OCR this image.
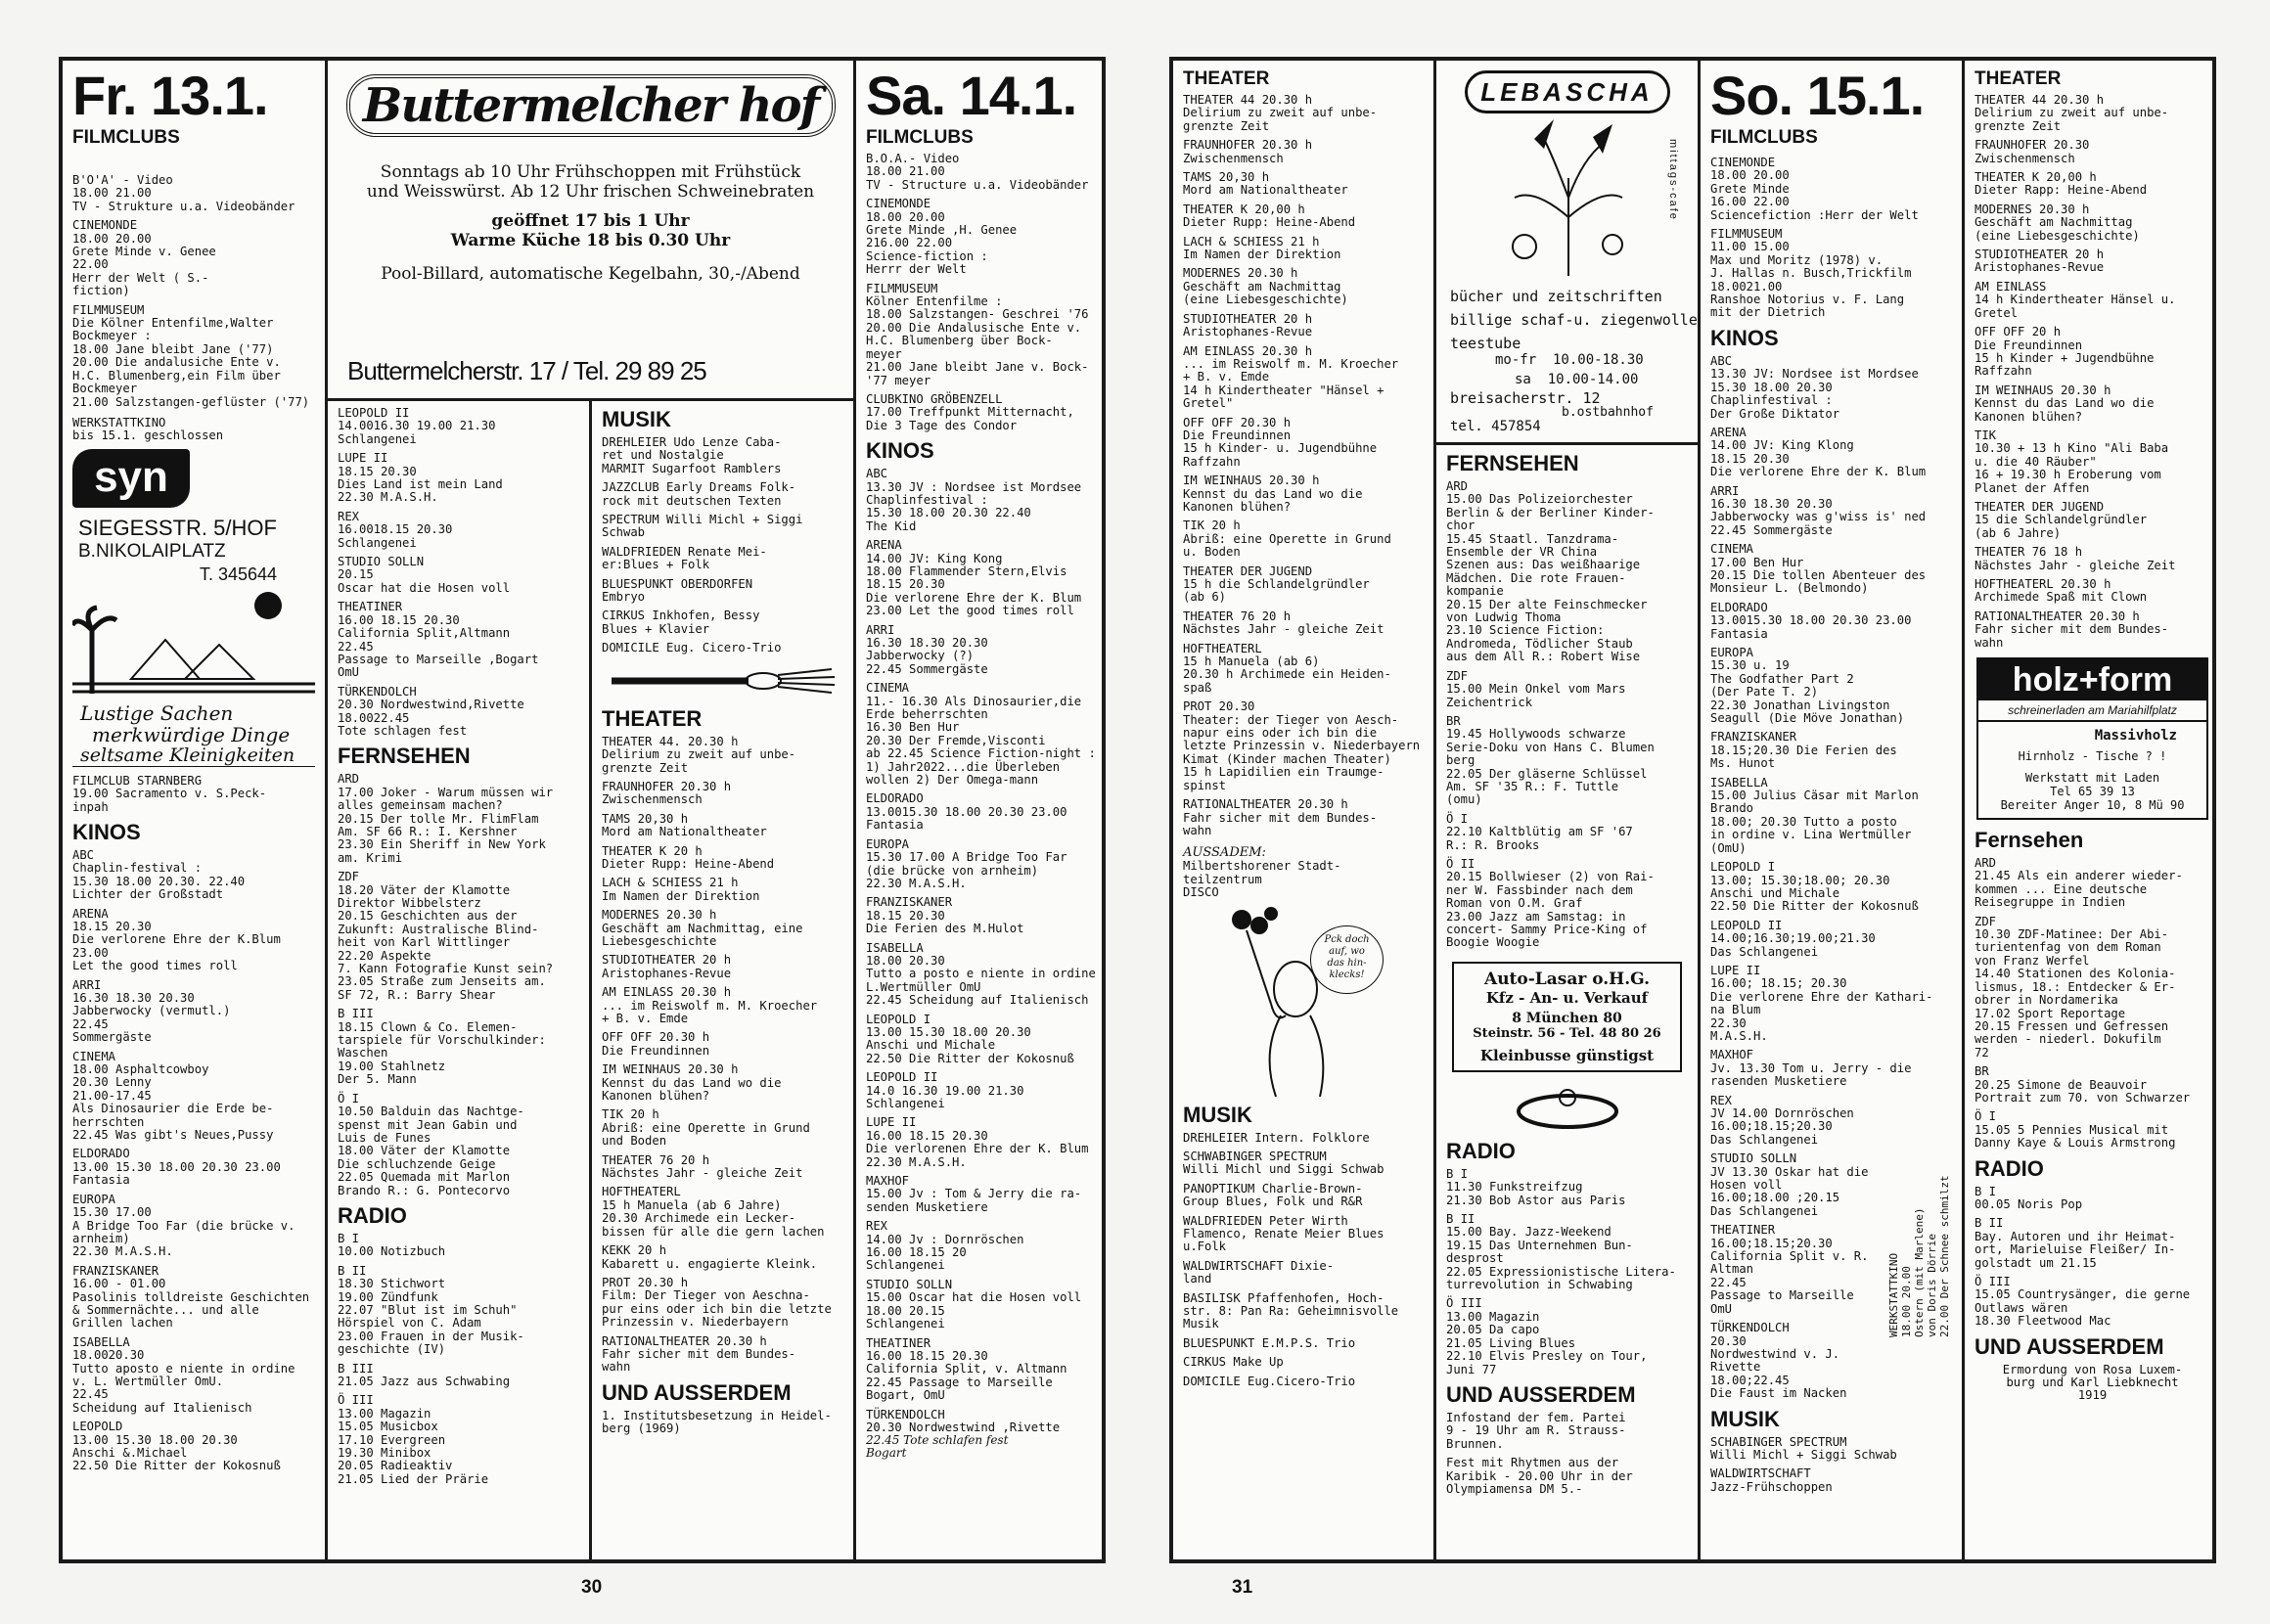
Fr. 13.1.
FILMCLUBS
B'O'A' - Video
18.00 21.00
TV - Strukture u.a. Videobänder
CINEMONDE
18.00 20.00
Grete Minde v. Genee
22.00
Herr der Welt ( S.-fiction)
FILMMUSEUM
Die Kölner Entenfilme,Walter
Bockmeyer :
18.00 Jane bleibt Jane ('77)
20.00 Die andalusiche Ente v.
H.C. Blumenberg,ein Film über
Bockmeyer
21.00 Salzstangen-geflüster ('77)
WERKSTATTKINO
bis 15.1. geschlossen
syn
SIEGESSTR. 5/HOF
B.NIKOLAIPLATZ
T. 345644
Lustige Sachen
merkwürdige Dinge
seltsame Kleinigkeiten
FILMCLUB STARNBERG
19.00 Sacramento v. S.Peck-
inpah
KINOS
ABC
Chaplin-festival :
15.30 18.00 20.30. 22.40
Lichter der Großstadt
ARENA
18.15 20.30
Die verlorene Ehre der K.Blum
23.00
Let the good times roll
ARRI
16.30 18.30 20.30
Jabberwocky (vermutl.)
22.45
Sommergäste
CINEMA
18.00 Asphaltcowboy
20.30 Lenny
21.00-17.45
Als Dinosaurier die Erde be-
herrschten
22.45 Was gibt's Neues,Pussy
ELDORADO
13.00 15.30 18.00 20.30 23.00
Fantasia
EUROPA
15.30 17.00
A Bridge Too Far (die brücke v.
arnheim)
22.30 M.A.S.H.
FRANZISKANER
16.00 - 01.00
Pasolinis tolldreiste Geschichten
& Sommernächte... und alle
Grillen lachen
ISABELLA
18.0020.30
Tutto aposto e niente in ordine
v. L. Wertmüller OmU.
22.45
Scheidung auf Italienisch
LEOPOLD
13.00 15.30 18.00 20.30
Anschi &.Michael
22.50 Die Ritter der Kokosnuß
Buttermelcher hof
Sonntags ab 10 Uhr Frühschoppen mit Frühstück
und Weisswürst. Ab 12 Uhr frischen Schweinebraten
geöffnet 17 bis 1 Uhr
Warme Küche 18 bis 0.30 Uhr
Pool-Billard, automatische Kegelbahn, 30,-/Abend
Buttermelcherstr. 17 / Tel. 29 89 25
LEOPOLD II
14.0016.30 19.00 21.30
Schlangenei
LUPE II
18.15 20.30
Dies Land ist mein Land
22.30 M.A.S.H.
REX
16.0018.15 20.30
Schlangenei
STUDIO SOLLN
20.15
Oscar hat die Hosen voll
THEATINER
16.00 18.15 20.30
California Split,Altmann
22.45
Passage to Marseille ,Bogart
OmU
TÜRKENDOLCH
20.30 Nordwestwind,Rivette
18.0022.45
Tote schlagen fest
FERNSEHEN
ARD
17.00 Joker - Warum müssen wir
alles gemeinsam machen?
20.15 Der tolle Mr. FlimFlam
Am. SF 66 R.: I. Kershner
23.30 Ein Sheriff in New York
am. Krimi
ZDF
18.20 Väter der Klamotte
Direktor Wibbelsterz
20.15 Geschichten aus der
Zukunft: Australische Blind-
heit von Karl Wittlinger
22.20 Aspekte
7. Kann Fotografie Kunst sein?
23.05 Straße zum Jenseits am.
SF 72, R.: Barry Shear
B III
18.15 Clown & Co. Elemen-
tarspiele für Vorschulkinder:
Waschen
19.00 Stahlnetz
Der 5. Mann
Ö I
10.50 Balduin das Nachtge-
spenst mit Jean Gabin und
Luis de Funes
18.00 Väter der Klamotte
Die schluchzende Geige
22.05 Quemada mit Marlon
Brando R.: G. Pontecorvo
RADIO
B I
10.00 Notizbuch
B II
18.30 Stichwort
19.00 Zündfunk
22.07 "Blut ist im Schuh"
Hörspiel von C. Adam
23.00 Frauen in der Musik-
geschichte (IV)
B III
21.05 Jazz aus Schwabing
Ö III
13.00 Magazin
15.05 Musicbox
17.10 Evergreen
19.30 Minibox
20.05 Radieaktiv
21.05 Lied der Prärie
MUSIK
DREHLEIER Udo Lenze Caba-
ret und Nostalgie
MARMIT Sugarfoot Ramblers
JAZZCLUB Early Dreams Folk-
rock mit deutschen Texten
SPECTRUM Willi Michl + Siggi
Schwab
WALDFRIEDEN Renate Mei-
er:Blues + Folk
BLUESPUNKT OBERDORFEN
Embryo
CIRKUS Inkhofen, Bessy
Blues + Klavier
DOMICILE Eug. Cicero-Trio
THEATER
THEATER 44. 20.30 h
Delirium zu zweit auf unbe-
grenzte Zeit
FRAUNHOFER 20.30 h
Zwischenmensch
TAMS 20,30 h
Mord am Nationaltheater
THEATER K 20 h
Dieter Rupp: Heine-Abend
LACH & SCHIESS 21 h
Im Namen der Direktion
MODERNES 20.30 h
Geschäft am Nachmittag, eine
Liebesgeschichte
STUDIOTHEATER 20 h
Aristophanes-Revue
AM EINLASS 20.30 h
... im Reiswolf m. M. Kroecher
+ B. v. Emde
OFF OFF 20.30 h
Die Freundinnen
IM WEINHAUS 20.30 h
Kennst du das Land wo die
Kanonen blühen?
TIK 20 h
Abriß: eine Operette in Grund
und Boden
THEATER 76 20 h
Nächstes Jahr - gleiche Zeit
HOFTHEATERL
15 h Manuela (ab 6 Jahre)
20.30 Archimede ein Lecker-
bissen für alle die gern lachen
KEKK 20 h
Kabarett u. engagierte Kleink.
PROT 20.30 h
Film: Der Tieger von Aeschna-
pur eins oder ich bin die letzte
Prinzessin v. Niederbayern
RATIONALTHEATER 20.30 h
Fahr sicher mit dem Bundes-
wahn
UND AUSSERDEM
1. Institutsbesetzung in Heidel-
berg (1969)
Sa. 14.1.
FILMCLUBS
B.O.A.- Video
18.00 21.00
TV - Structure u.a. Videobänder
CINEMONDE
18.00 20.00
Grete Minde ,H. Genee
216.00 22.00
Science-fiction :
Herrr der Welt
FILMMUSEUM
Kölner Entenfilme :
18.00 Salzstangen- Geschrei '76
20.00 Die Andalusische Ente v.
H.C. Blumenberg über Bock-
meyer
21.00 Jane bleibt Jane v. Bock-
'77 meyer
CLUBKINO GRÖBENZELL
17.00 Treffpunkt Mitternacht,
Die 3 Tage des Condor
KINOS
ABC
13.30 JV : Nordsee ist Mordsee
Chaplinfestival :
15.30 18.00 20.30 22.40
The Kid
ARENA
14.00 JV: King Kong
18.00 Flammender Stern,Elvis
18.15 20.30
Die verlorene Ehre der K. Blum
23.00 Let the good times roll
ARRI
16.30 18.30 20.30
Jabberwocky (?)
22.45 Sommergäste
CINEMA
11.- 16.30 Als Dinosaurier,die
Erde beherrschten
16.30 Ben Hur
20.30 Der Fremde,Visconti
ab 22.45 Science Fiction-night :
1) Jahr2022...die Überleben
wollen 2) Der Omega-mann
ELDORADO
13.0015.30 18.00 20.30 23.00
Fantasia
EUROPA
15.30 17.00 A Bridge Too Far
(die brücke von arnheim)
22.30 M.A.S.H.
FRANZISKANER
18.15 20.30
Die Ferien des M.Hulot
ISABELLA
18.00 20.30
Tutto a posto e niente in ordine
L.Wertmüller OmU
22.45 Scheidung auf Italienisch
LEOPOLD I
13.00 15.30 18.00 20.30
Anschi und Michale
22.50 Die Ritter der Kokosnuß
LEOPOLD II
14.0 16.30 19.00 21.30
Schlangenei
LUPE II
16.00 18.15 20.30
Die verlorenen Ehre der K. Blum
22.30 M.A.S.H.
MAXHOF
15.00 Jv : Tom & Jerry die ra-
senden Musketiere
REX
14.00 Jv : Dornröschen
16.00 18.15 20
Schlangenei
STUDIO SOLLN
15.00 Oscar hat die Hosen voll
18.00 20.15
Schlangenei
THEATINER
16.00 18.15 20.30
California Split, v. Altmann
22.45 Passage to Marseille
Bogart, OmU
TÜRKENDOLCH
20.30 Nordwestwind ,Rivette
22.45 Tote schlafen fest
Bogart
30
THEATER
THEATER 44 20.30 h
Delirium zu zweit auf unbe-
grenzte Zeit
FRAUNHOFER 20.30 h
Zwischenmensch
TAMS 20,30 h
Mord am Nationaltheater
THEATER K 20,00 h
Dieter Rupp: Heine-Abend
LACH & SCHIESS 21 h
Im Namen der Direktion
MODERNES 20.30 h
Geschäft am Nachmittag
(eine Liebesgeschichte)
STUDIOTHEATER 20 h
Aristophanes-Revue
AM EINLASS 20.30 h
... im Reiswolf m. M. Kroecher
+ B. v. Emde
14 h Kindertheater "Hänsel +
Gretel"
OFF OFF 20.30 h
Die Freundinnen
15 h Kinder- u. Jugendbühne
Raffzahn
IM WEINHAUS 20.30 h
Kennst du das Land wo die
Kanonen blühen?
TIK 20 h
Abriß: eine Operette in Grund
u. Boden
THEATER DER JUGEND
15 h die Schlandelgründler
(ab 6)
THEATER 76 20 h
Nächstes Jahr - gleiche Zeit
HOFTHEATERL
15 h Manuela (ab 6)
20.30 h Archimede ein Heiden-
spaß
PROT 20.30
Theater: der Tieger von Aesch-
napur eins oder ich bin die
letzte Prinzessin v. Niederbayern
Kimat (Kinder machen Theater)
15 h Lapidilien ein Traumge-
spinst
RATIONALTHEATER 20.30 h
Fahr sicher mit dem Bundes-
wahn
AUSSADEM:
Milbertshorener Stadt-
teilzentrum
DISCO
Pck doch
auf, wo
das hin-
klecks!
MUSIK
DREHLEIER Intern. Folklore
SCHWABINGER SPECTRUM
Willi Michl und Siggi Schwab
PANOPTIKUM Charlie-Brown-
Group Blues, Folk und R&R
WALDFRIEDEN Peter Wirth
Flamenco, Renate Meier Blues
u.Folk
WALDWIRTSCHAFT Dixie-
land
BASILISK Pfaffenhofen, Hoch-
str. 8: Pan Ra: Geheimnisvolle
Musik
BLUESPUNKT E.M.P.S. Trio
CIRKUS Make Up
DOMICILE Eug.Cicero-Trio
LEBASCHA
mittags-cafe
bücher und zeitschriften
billige schaf-u. ziegenwolle
teestube
mo-fr  10.00-18.30
sa  10.00-14.00
breisacherstr. 12
b.ostbahnhof
tel. 457854
FERNSEHEN
ARD
15.00 Das Polizeiorchester
Berlin & der Berliner Kinder-
chor
15.45 Staatl. Tanzdrama-
Ensemble der VR China
Szenen aus: Das weißhaarige
Mädchen. Die rote Frauen-
kompanie
20.15 Der alte Feinschmecker
von Ludwig Thoma
23.10 Science Fiction:
Andromeda, Tödlicher Staub
aus dem All R.: Robert Wise
ZDF
15.00 Mein Onkel vom Mars
Zeichentrick
BR
19.45 Hollywoods schwarze
Serie-Doku von Hans C. Blumen
berg
22.05 Der gläserne Schlüssel
Am. SF '35 R.: F. Tuttle
(omu)
Ö I
22.10 Kaltblütig am SF '67
R.: R. Brooks
Ö II
20.15 Bollwieser (2) von Rai-
ner W. Fassbinder nach dem
Roman von O.M. Graf
23.00 Jazz am Samstag: in
concert- Sammy Price-King of
Boogie Woogie
Auto-Lasar o.H.G.
Kfz - An- u. Verkauf
8 München 80
Steinstr. 56 - Tel. 48 80 26
Kleinbusse günstigst
RADIO
B I
11.30 Funkstreifzug
21.30 Bob Astor aus Paris
B II
15.00 Bay. Jazz-Weekend
19.15 Das Unternehmen Bun-
desprost
22.05 Expressionistische Litera-
turrevolution in Schwabing
Ö III
13.00 Magazin
20.05 Da capo
21.05 Living Blues
22.10 Elvis Presley on Tour,
Juni 77
UND AUSSERDEM
Infostand der fem. Partei
9 - 19 Uhr am R. Strauss-
Brunnen.
Fest mit Rhytmen aus der
Karibik - 20.00 Uhr in der
Olympiamensa DM 5.-
So. 15.1.
FILMCLUBS
CINEMONDE
18.00 20.00
Grete Minde
16.00 22.00
Sciencefiction :Herr der Welt
FILMMUSEUM
11.00 15.00
Max und Moritz (1978) v.
J. Hallas n. Busch,Trickfilm
18.0021.00
Ranshoe Notorius v. F. Lang
mit der Dietrich
KINOS
ABC
13.30 JV: Nordsee ist Mordsee
15.30 18.00 20.30
Chaplinfestival :
Der Große Diktator
ARENA
14.00 JV: King Klong
18.15 20.30
Die verlorene Ehre der K. Blum
ARRI
16.30 18.30 20.30
Jabberwocky was g'wiss is' ned
22.45 Sommergäste
CINEMA
17.00 Ben Hur
20.15 Die tollen Abenteuer des
Monsieur L. (Belmondo)
ELDORADO
13.0015.30 18.00 20.30 23.00
Fantasia
EUROPA
15.30 u. 19
The Godfather Part 2
(Der Pate T. 2)
22.30 Jonathan Livingston
Seagull (Die Möve Jonathan)
FRANZISKANER
18.15;20.30 Die Ferien des
Ms. Hunot
ISABELLA
15.00 Julius Cäsar mit Marlon
Brando
18.00; 20.30 Tutto a posto
in ordine v. Lina Wertmüller
(OmU)
LEOPOLD I
13.00; 15.30;18.00; 20.30
Anschi und Michale
22.50 Die Ritter der Kokosnuß
LEOPOLD II
14.00;16.30;19.00;21.30
Das Schlangenei
LUPE II
16.00; 18.15; 20.30
Die verlorene Ehre der Kathari-
na Blum
22.30
M.A.S.H.
MAXHOF
Jv. 13.30 Tom u. Jerry - die
rasenden Musketiere
REX
JV 14.00 Dornröschen
16.00;18.15;20.30
Das Schlangenei
STUDIO SOLLN
JV 13.30 Oskar hat die
Hosen voll
16.00;18.00 ;20.15
Das Schlangenei
THEATINER
16.00;18.15;20.30
California Split v. R.
Altman
22.45
Passage to Marseille OmU
TÜRKENDOLCH
20.30
Nordwestwind v. J. Rivette
18.00;22.45
Die Faust im Nacken
MUSIK
SCHABINGER SPECTRUM
Willi Michl + Siggi Schwab
WALDWIRTSCHAFT
Jazz-Frühschoppen
WERKSTATTKINO
18.00 20.00
Ostern (mit Marlene)
von Doris Dörrie
22.00 Der Schnee schmilzt
THEATER
THEATER 44 20.30 h
Delirium zu zweit auf unbe-
grenzte Zeit
FRAUNHOFER 20.30
Zwischenmensch
THEATER K 20,00 h
Dieter Rapp: Heine-Abend
MODERNES 20.30 h
Geschäft am Nachmittag
(eine Liebesgeschichte)
STUDIOTHEATER 20 h
Aristophanes-Revue
AM EINLASS
14 h Kindertheater Hänsel u.
Gretel
OFF OFF 20 h
Die Freundinnen
15 h Kinder + Jugendbühne
Raffzahn
IM WEINHAUS 20.30 h
Kennst du das Land wo die
Kanonen blühen?
TIK
10.30 + 13 h Kino "Ali Baba
u. die 40 Räuber"
16 + 19.30 h Eroberung vom
Planet der Affen
THEATER DER JUGEND
15 die Schlandelgründler
(ab 6 Jahre)
THEATER 76 18 h
Nächstes Jahr - gleiche Zeit
HOFTHEATERL 20.30 h
Archimede Spaß mit Clown
RATIONALTHEATER 20.30 h
Fahr sicher mit dem Bundes-
wahn
holz+form
schreinerladen am Mariahilfplatz
Massivholz
Hirnholz - Tische ? !
Werkstatt mit Laden
Tel 65 39 13
Bereiter Anger 10, 8 Mü 90
Fernsehen
ARD
21.45 Als ein anderer wieder-
kommen ... Eine deutsche
Reisegruppe in Indien
ZDF
10.30 ZDF-Matinee: Der Abi-
turientenfag von dem Roman
von Franz Werfel
14.40 Stationen des Kolonia-
lismus, 18.: Entdecker & Er-
obrer in Nordamerika
17.02 Sport Reportage
20.15 Fressen und Gefressen
werden - niederl. Dokufilm
72
BR
20.25 Simone de Beauvoir
Portrait zum 70. von Schwarzer
Ö I
15.05 5 Pennies Musical mit
Danny Kaye & Louis Armstrong
RADIO
B I
00.05 Noris Pop
B II
Bay. Autoren und ihr Heimat-
ort, Marieluise Fleißer/ In-
golstadt um 21.15
Ö III
15.05 Countrysänger, die gerne
Outlaws wären
18.30 Fleetwood Mac
UND AUSSERDEM
Ermordung von Rosa Luxem-
burg und Karl Liebknecht
1919
31
